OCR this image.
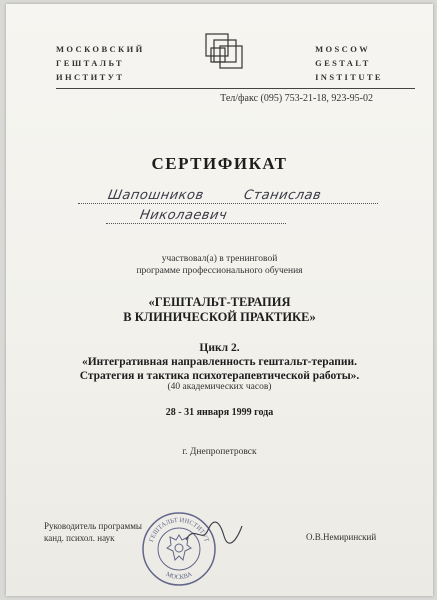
МОСКОВСКИЙ
ГЕШТАЛЬТ
ИНСТИТУТ
MOSCOW
GESTALT
INSTITUTE
Тел/факс (095) 753-21-18, 923-95-02
СЕРТИФИКАТ
Шапошников	Станислав
Николаевич
участвовал(а) в тренинговой
программе профессионального обучения
«ГЕШТАЛЬТ-ТЕРАПИЯ
В КЛИНИЧЕСКОЙ ПРАКТИКЕ»
Цикл 2.
«Интегративная направленность гештальт-терапии.
Стратегия и тактика психотерапевтической работы».
(40 академических часов)
28 - 31 января 1999 года
г. Днепропетровск
Руководитель программы
канд. психол. наук	ГЕШТАЛЬТ ИНСТИТУТ
МОСКВА
О.В.Немиринский
